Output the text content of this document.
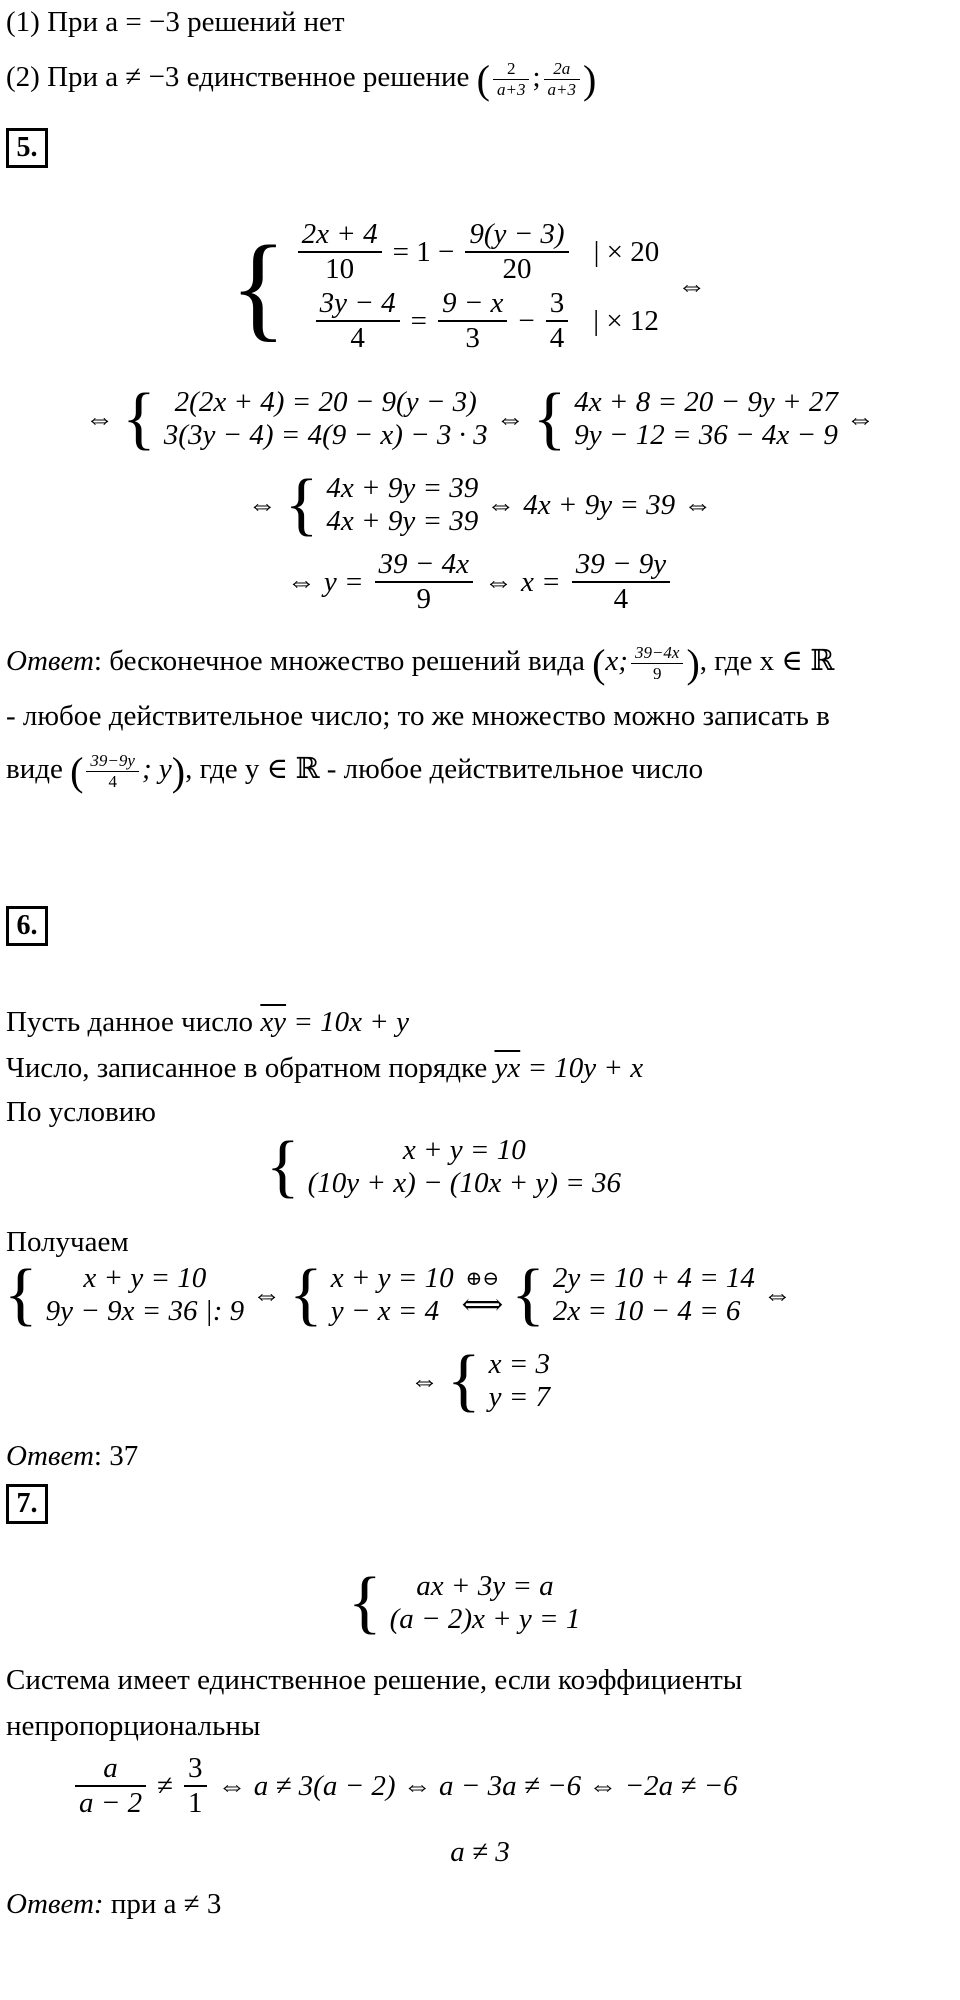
(1) При a = −3 решений нет
(2) При a ≠ −3 единственное решение ( $\frac{2}{a+3}$ ; $\frac{2a}{a+3}$ )
5.
{ $\frac{2x + 4}{10} = 1 - \frac{9(y - 3)}{20}$ | × 20
$\frac{3y - 4}{4} = \frac{9 - x}{3} - \frac{3}{4}$ | × 12
⇔
⇔ { 2(2x + 4) = 20 − 9(y − 3)
3(3y − 4) = 4(9 − x) − 3 · 3
⇔ { 4x + 8 = 20 − 9y + 27
9y − 12 = 36 − 4x − 9
⇔
⇔ { 4x + 9y = 39
4x + 9y = 39
⇔ 4x + 9y = 39 ⇔
⇔ $y = \frac{39 - 4x}{9}$ ⇔ $x = \frac{39 - 9y}{4}$
Ответ: бесконечное множество решений вида (x; $\frac{39-4x}{9}$ ), где x ∈ ℝ
- любое действительное число; то же множество можно записать в
виде ( $\frac{39-9y}{4}$ ; y), где y ∈ ℝ - любое действительное число
6.
Пусть данное число $\overline{xy} = 10x + y$
Число, записанное в обратном порядке $\overline{yx} = 10y + x$
По условию
{	x + y = 10
(10y + x) − (10x + y) = 36
Получаем
{	x + y = 10
9y − 9x = 36 |: 9
⇔ { x + y = 10
y − x = 4
⊕⊖
⟺ { 2y = 10 + 4 = 14
2x = 10 − 4 = 6
⇔
⇔ { x = 3
y = 7
Ответ: 37
7.
{	ax + 3y = a
(a − 2)x + y = 1
Система имеет единственное решение, если коэффициенты
непропорциональны
$\frac{a}{a - 2} \ne \frac{3}{1}$ ⇔ a ≠ 3(a − 2) ⇔ a − 3a ≠ −6 ⇔ −2a ≠ −6
a ≠ 3
Ответ: при a ≠ 3
